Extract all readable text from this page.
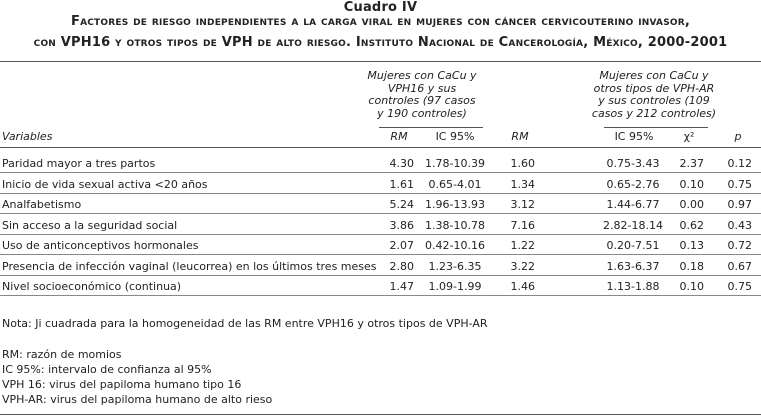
Cuadro IV
Factores de riesgo independientes a la carga viral en mujeres con cáncer cervicouterino invasor,
con VPH16 y otros tipos de VPH de alto riesgo. Instituto Nacional de Cancerología, México, 2000-2001
Mujeres con CaCu y VPH16 y sus controles (97 casos y 190 controles)
Mujeres con CaCu y otros tipos de VPH-AR y sus controles (109 casos y 212 controles)
Variables	RM	IC 95%	RM	IC 95%	χ²	p
Paridad mayor a tres partos	4.30	1.78-10.39	1.60	0.75-3.43	2.37	0.12
Inicio de vida sexual activa <20 años	1.61	0.65-4.01	1.34	0.65-2.76	0.10	0.75
Analfabetismo	5.24	1.96-13.93	3.12	1.44-6.77	0.00	0.97
Sin acceso a la seguridad social	3.86	1.38-10.78	7.16	2.82-18.14	0.62	0.43
Uso de anticonceptivos hormonales	2.07	0.42-10.16	1.22	0.20-7.51	0.13	0.72
Presencia de infección vaginal (leucorrea) en los últimos tres meses	2.80	1.23-6.35	3.22	1.63-6.37	0.18	0.67
Nivel socioeconómico (continua)	1.47	1.09-1.99	1.46	1.13-1.88	0.10	0.75
Nota: Ji cuadrada para la homogeneidad de las RM entre VPH16 y otros tipos de VPH-AR
RM: razón de momios
IC 95%: intervalo de confianza al 95%
VPH 16: virus del papiloma humano tipo 16
VPH-AR: virus del papiloma humano de alto rieso
